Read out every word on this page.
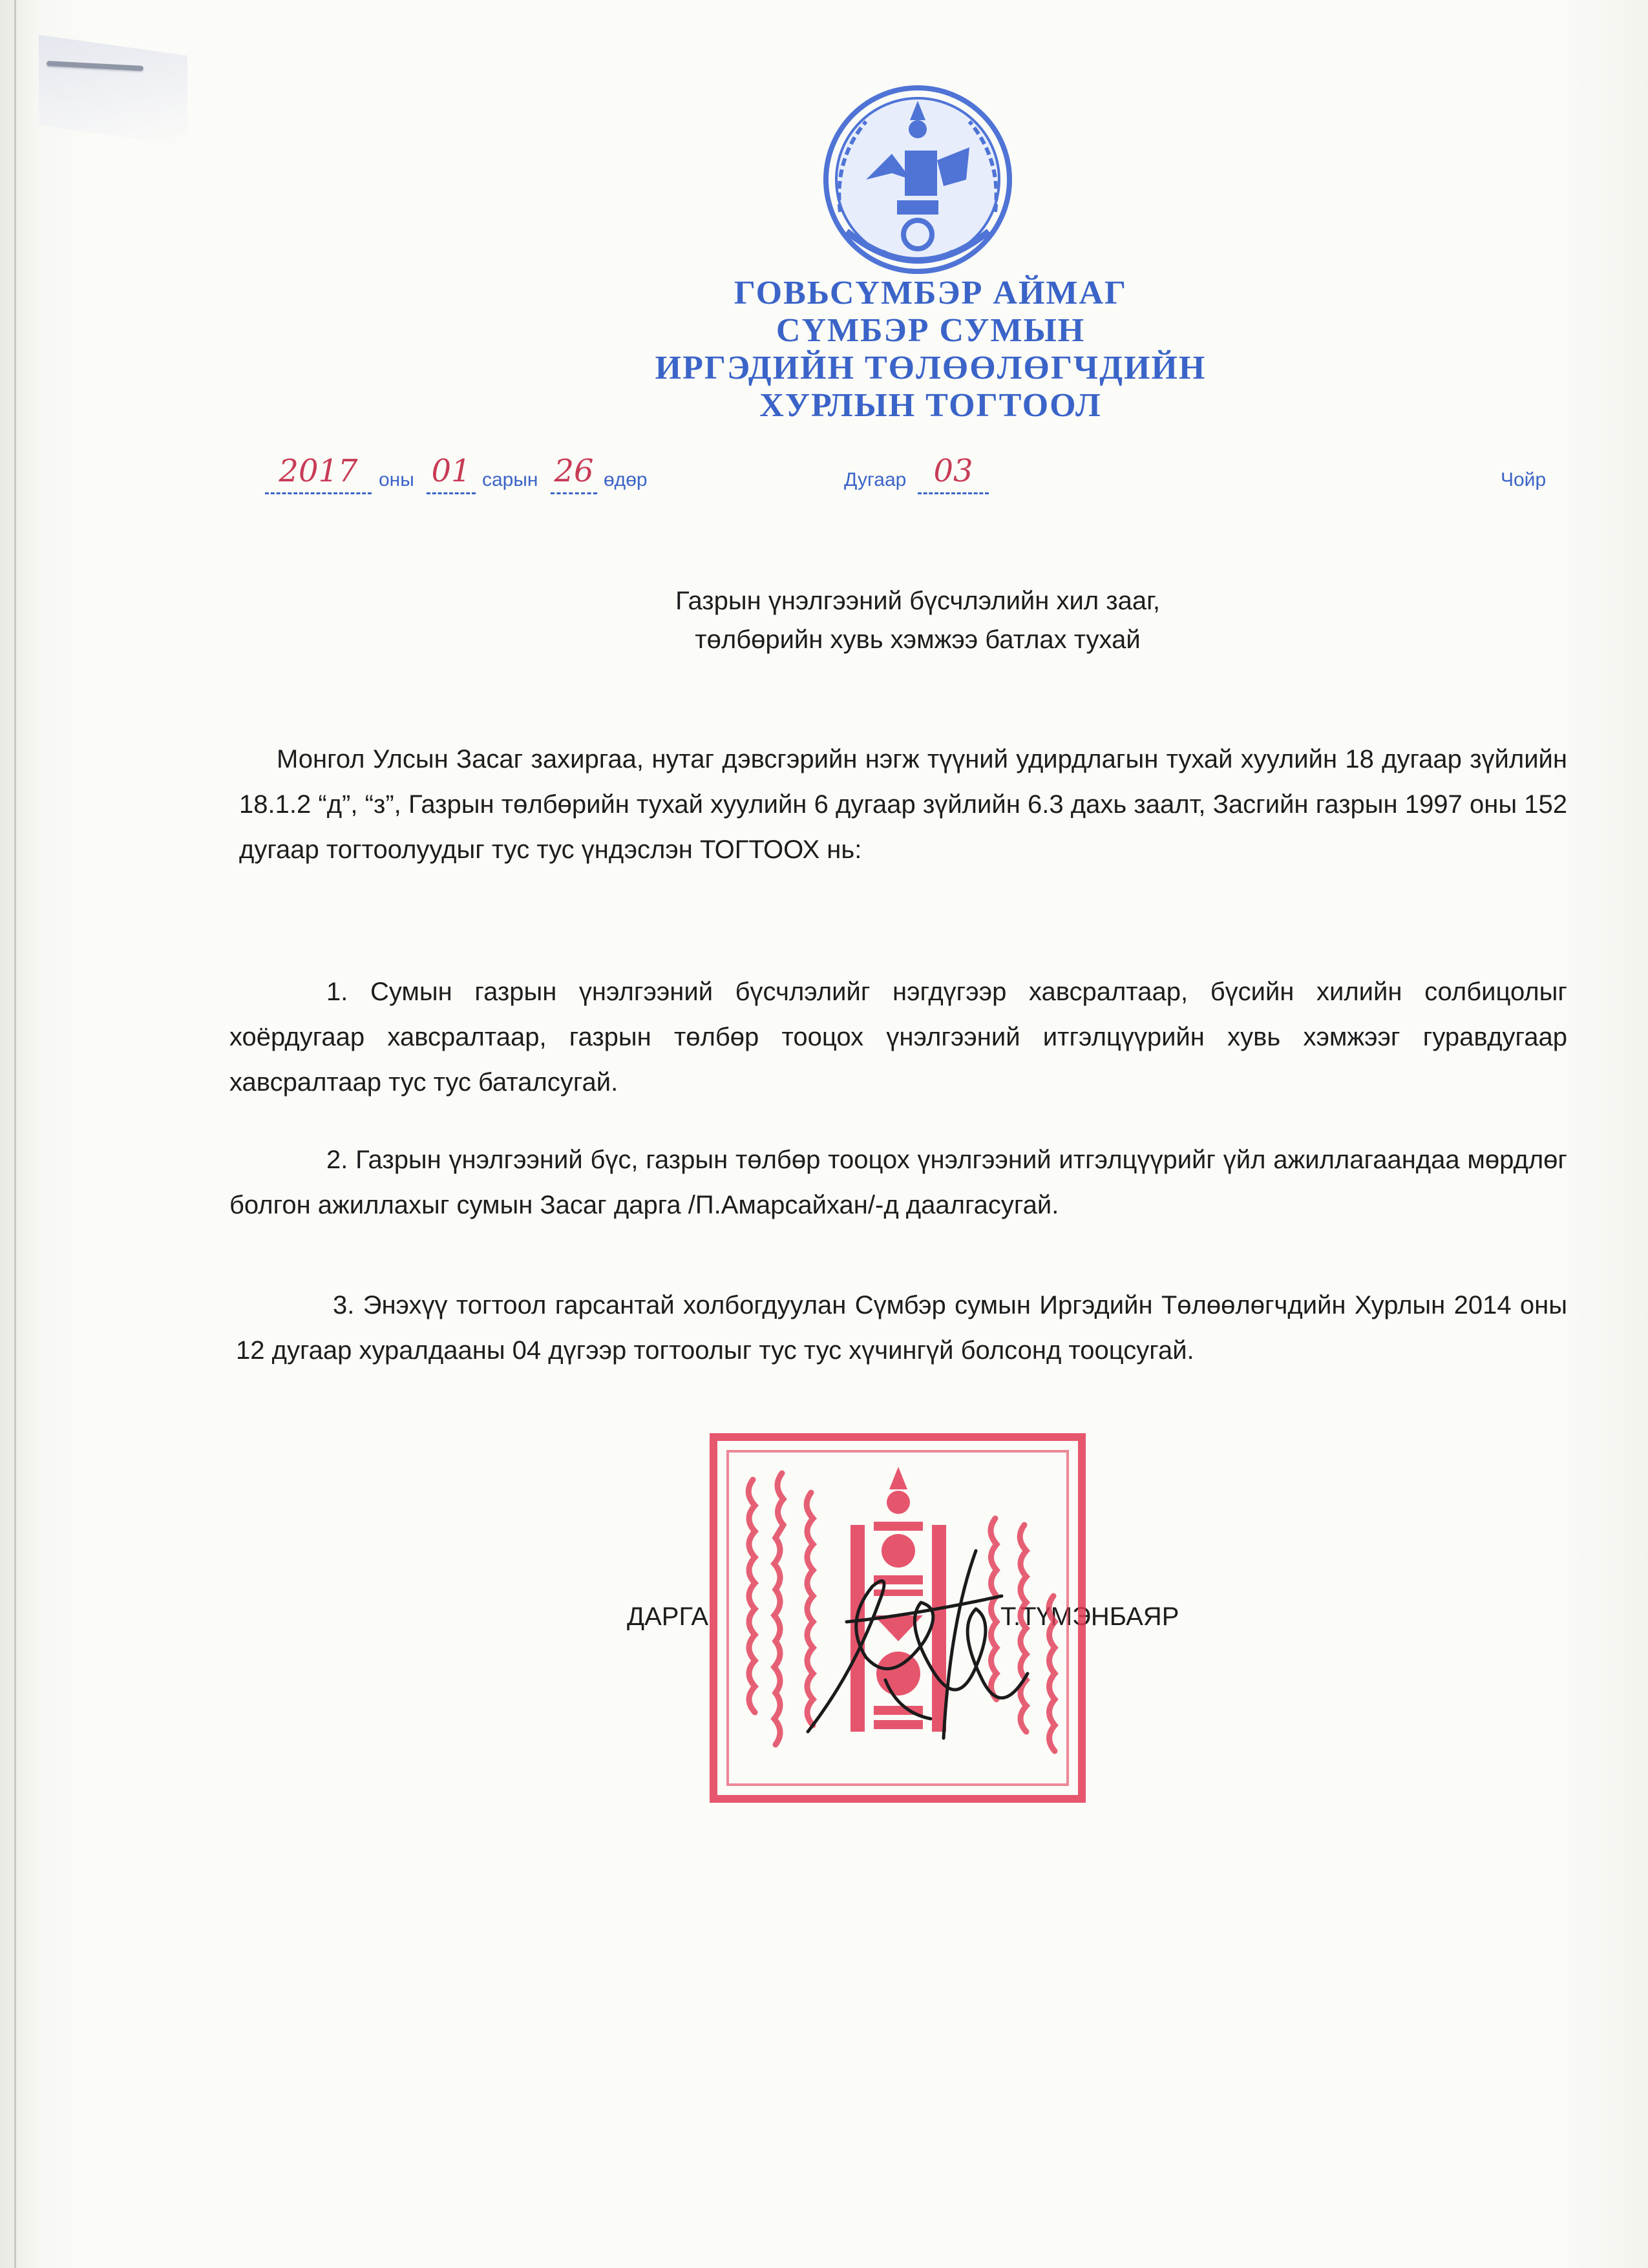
ГОВЬСҮМБЭР АЙМАГ
СҮМБЭР СУМЫН
ИРГЭДИЙН ТӨЛӨӨЛӨГЧДИЙН
ХУРЛЫН ТОГТООЛ
2017	оны 01 сарын 26 өдөр	Дугаар 03	Чойр
Газрын үнэлгээний бүсчлэлийн хил зааг,
төлбөрийн хувь хэмжээ батлах тухай
Монгол Улсын Засаг захиргаа, нутаг дэвсгэрийн нэгж түүний удирдлагын тухай хуулийн 18 дугаар зүйлийн 18.1.2 “д”, “з”, Газрын төлбөрийн тухай хуулийн 6 дугаар зүйлийн 6.3 дахь заалт, Засгийн газрын 1997 оны 152 дугаар тогтоолуудыг тус тус үндэслэн ТОГТООХ нь:
1. Сумын газрын үнэлгээний бүсчлэлийг нэгдүгээр хавсралтаар, бүсийн хилийн солбицолыг хоёрдугаар хавсралтаар, газрын төлбөр тооцох үнэлгээний итгэлцүүрийн хувь хэмжээг гуравдугаар хавсралтаар тус тус баталсугай.
2. Газрын үнэлгээний бүс, газрын төлбөр тооцох үнэлгээний итгэлцүүрийг үйл ажиллагаандаа мөрдлөг болгон ажиллахыг сумын Засаг дарга /П.Амарсайхан/-д даалгасугай.
3. Энэхүү тогтоол гарсантай холбогдуулан Сүмбэр сумын Иргэдийн Төлөөлөгчдийн Хурлын 2014 оны 12 дугаар хуралдааны 04 дүгээр тогтоолыг тус тус хүчингүй болсонд тооцсугай.
ДАРГА	Т.ТҮМЭНБАЯР
